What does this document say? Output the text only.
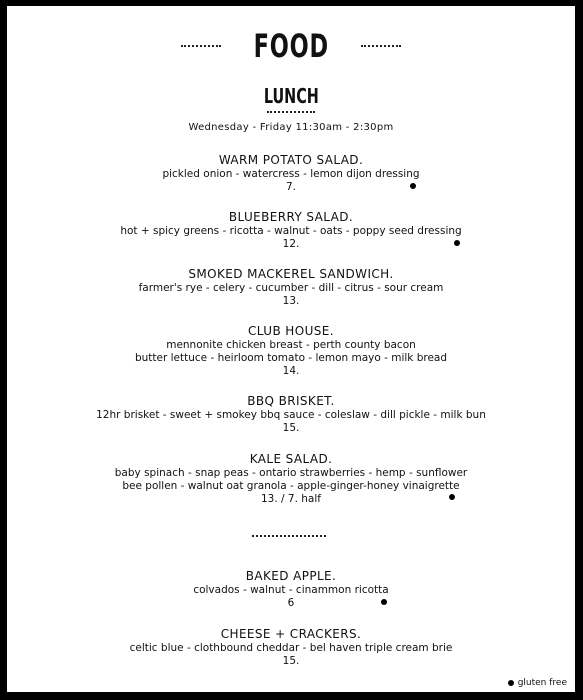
FOOD
LUNCH
Wednesday - Friday 11:30am - 2:30pm
WARM POTATO SALAD.
pickled onion - watercress - lemon dijon dressing
7.
BLUEBERRY SALAD.
hot + spicy greens - ricotta - walnut - oats - poppy seed dressing
12.
SMOKED MACKEREL SANDWICH.
farmer's rye - celery - cucumber - dill - citrus - sour cream
13.
CLUB HOUSE.
mennonite chicken breast - perth county bacon
butter lettuce - heirloom tomato - lemon mayo - milk bread
14.
BBQ BRISKET.
12hr brisket - sweet + smokey bbq sauce - coleslaw - dill pickle - milk bun
15.
KALE SALAD.
baby spinach - snap peas - ontario strawberries - hemp - sunflower
bee pollen - walnut oat granola - apple-ginger-honey vinaigrette
13. / 7. half
BAKED APPLE.
colvados - walnut - cinammon ricotta
6
CHEESE + CRACKERS.
celtic blue - clothbound cheddar - bel haven triple cream brie
15.
gluten free
